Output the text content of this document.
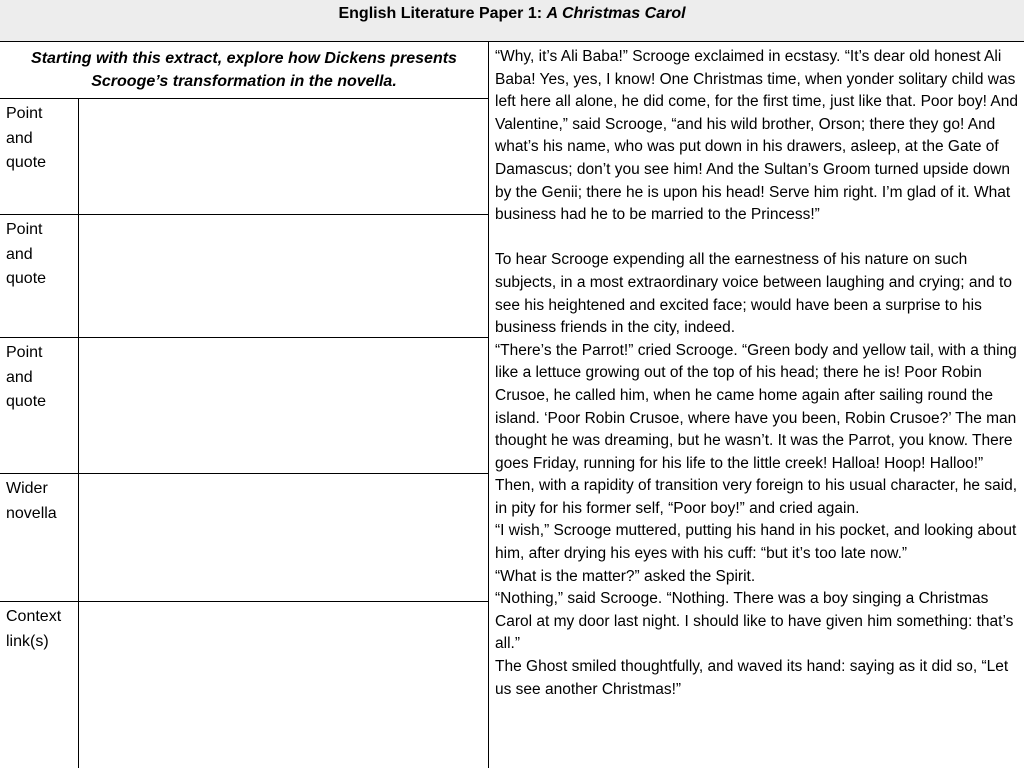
English Literature Paper 1: A Christmas Carol
Starting with this extract, explore how Dickens presents Scrooge’s transformation in the novella.
Point
and
quote
Point
and
quote
Point
and
quote
Wider
novella
Context
link(s)

“Why, it’s Ali Baba!” Scrooge exclaimed in ecstasy. “It’s dear old honest Ali Baba! Yes, yes, I know! One Christmas time, when yonder solitary child was left here all alone, he did come, for the first time, just like that. Poor boy! And Valentine,” said Scrooge, “and his wild brother, Orson; there they go! And what’s his name, who was put down in his drawers, asleep, at the Gate of Damascus; don’t you see him! And the Sultan’s Groom turned upside down by the Genii; there he is upon his head! Serve him right. I’m glad of it. What business had he to be married to the Princess!”

To hear Scrooge expending all the earnestness of his nature on such subjects, in a most extraordinary voice between laughing and crying; and to see his heightened and excited face; would have been a surprise to his business friends in the city, indeed.

“There’s the Parrot!” cried Scrooge. “Green body and yellow tail, with a thing like a lettuce growing out of the top of his head; there he is! Poor Robin Crusoe, he called him, when he came home again after sailing round the island. ‘Poor Robin Crusoe, where have you been, Robin Crusoe?’ The man thought he was dreaming, but he wasn’t. It was the Parrot, you know. There goes Friday, running for his life to the little creek! Halloa! Hoop! Halloo!”

Then, with a rapidity of transition very foreign to his usual character, he said, in pity for his former self, “Poor boy!” and cried again.

“I wish,” Scrooge muttered, putting his hand in his pocket, and looking about him, after drying his eyes with his cuff: “but it’s too late now.”

“What is the matter?” asked the Spirit.

“Nothing,” said Scrooge. “Nothing. There was a boy singing a Christmas Carol at my door last night. I should like to have given him something: that’s all.”

The Ghost smiled thoughtfully, and waved its hand: saying as it did so, “Let us see another Christmas!”
